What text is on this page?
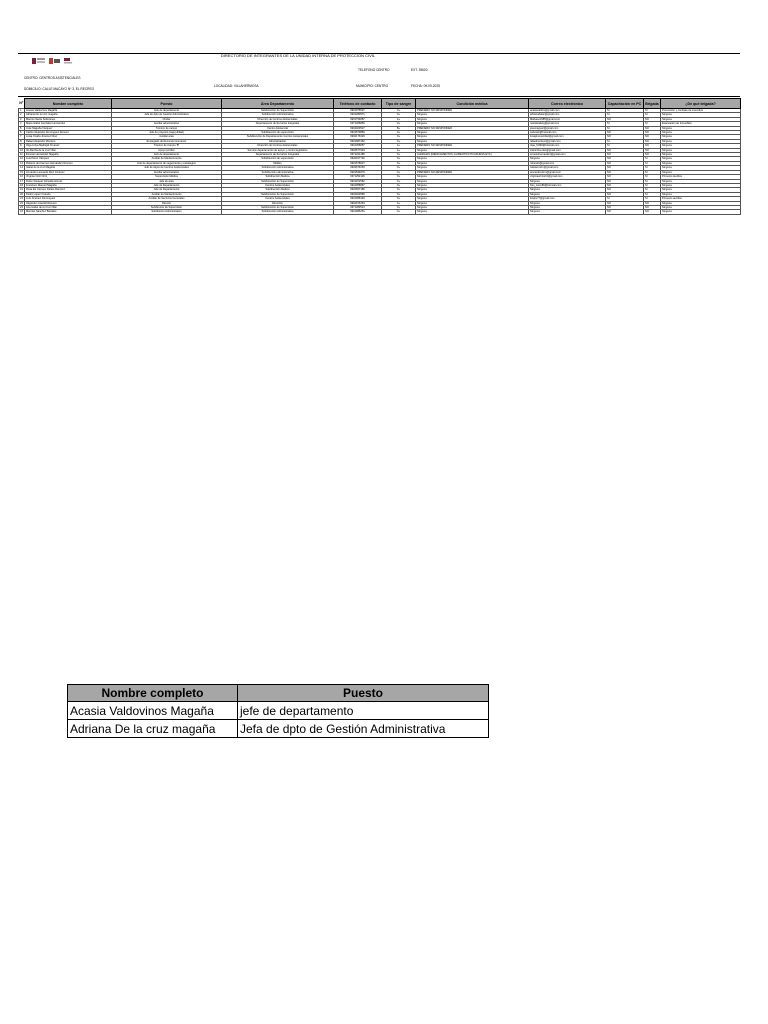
DIRECTORIO DE INTEGRANTES DE LA UNIDAD INTERNA DE PROTECCION CIVIL
TELEFONO CENTRO	EXT. 39600
CENTRO: CENTROS ASISTENCIALES
LOCALIDAD: VILLAHERMOSA	MUNICIPIO: CENTRO	FECHA: 09-09-2025
DOMICILIO: CALLE MACAYO Nº 3, EL RECREO
Nº	Nombre completo	Puesto	Área Departamento	Teléfono de contacto	Tipo de sangre	Condición médica	Correo electrónico	Capacitación en PC	Brigada	¿De qué brigada?
1	Acasia Valdovinos Magaña	Jefe de departamento	Subdirección de Supervisión	9931976527	O+	PREFIERO NO RESPONDER	acasiavaldov@gmail.com	SI	SI	Prevención y combate de incendios
2	Adriana De la cruz magaña	Jefa de dpto de Gestión Administrativa	Subdirección Administrativa	9931283571	O+	Ninguna	adrianadelac@gmail.com	SI	SI	Ninguna
3	Marcos Ibarra Soberanes	Chofer	Dirección de Centros Asistenciales	9931754887	A+	Ninguna	Maibaso1985@gmail.com	NO	NO	Ninguna
4	Maria Isabel Gonzalez Hernandez	Auxiliar administrativo	Departamento de Servicios Integrales	9371366850	O+	Ninguna	mariaisabelg@gmail.com	SI	SI	Evacuación de Inmuebles
5	José Magaña Vázquez	Técnico de campo	Centro Asistencial	9932463527	B+	PREFIERO NO RESPONDER	josemagvaz@gmail.com	SI	NO	Ninguna
6	Carlos Alejandro Domínguez Romero	Jefe de proyecto (caja jubilad)	Subdirección de supervisión	9931579883	O+	Ninguna	carlosdo@hotmail.com	NO	NO	Ninguna
7	Luisa Ocaña Jiménez Díaz	Auxiliar area	Subdirección de Departamento Centros Asistenciales	9932176329	O+	Ninguna	luisajimenezdiaz@gmail.com	NO	NO	Ninguna
8	Rafael Alejandro Montero	Encargado de Recursos Humanos	Administración	9931987452	O+	Ninguna	rafaelmontero@gmail.com	SI	NO	Ninguna
9	Olga Lidya Madrigal Jiménez	Técnico de Campo 'B'	Dirección de Centros Asistenciales	9931356857	A+	PREFIERO NO RESPONDER	olga_MJ99@hotmail.com	SI	NO	Ninguna
10	Iris Bertha de la cruz Olán	Apoyo jurídico	Servicio departamento de apoyo y control legislativo	9932577994	A+	Ninguna	irisbertha.olan@gmail.com	NO	NO	Ninguna
11	Ernesto Hernández Magaña	Jefe de departamento	Departamento de Servicios Integrales	9371221486	O+	ALERGIAS (MEDICAMENTOS: ALIMENTOS PICADURAS ETC.)	ernestohernandez@gmail.com	NO	NO	Ninguna
12	Luis Pérez Vázquez	Auxiliar de Mantenimiento	Subdirección de supervisión	9932917792	O+	Ninguna	Ninguna	NO	SI	Ninguna
13	Roberto del Carmen Hernández Romero	Jefe de departamento de seguimiento y estrategico	Médico	9931578627	O+	Ninguna	robertoh@gmail.com	NO	SI	Ninguna
14	Isabel de la cruz Magaña	Jefe de depto de Centros Asistenciales	Subdirección Administrativa	9932674063	O+	Ninguna	isdelacruzm@gmail.com	NO	SI	Ninguna
15	Armando Leonardo Ruiz Jiménez	Auxiliar administrativo	Subdirección administrativa	9931534879	O+	PREFIERO NO RESPONDER	leonardoruizm@gmail.com	NO	SI	Ninguna
16	Virginia Ortiz Ortiz	Supervisión Médica	Subdirección Médica	9371252136	O+	Ninguna	virginiaortizortiz@gmail.com	NO	SI	Primeros Auxilios
17	Dulce Vásquez Almeida Gómez	Jefe de área	Subdirección de Supervisión	9931972582	O+	Ninguna	Ninguna	NO	SI	Ninguna
18	Francisco Manuel Magaña	Jefe de Departamento	Centros Asistenciales	9931958867	O+	Ninguna	fran_cisco89@hotmail.com	NO	SI	Ninguna
19	Rosa del Carmen Zárate Ramírez	Jefe de Departamento	Subdirección Médica	9932657186	O+	Ninguna	Ninguna	NO	SI	Ninguna
20	Pedro Lopez Ovando	Auxiliar de Mantenimiento	Subdirección de Supervisión	9932463589	O+	Ninguna	Ninguna	NO	SI	Ninguna
21	Luis Jiménez Domínguez	Auxiliar de Servicios Generales	Centros Asistenciales	9931995449	O+	Ninguna	luisjim77@gmail.com	SI	SI	Primeros auxilios
22	Alejandro Gracidó Romero	Director	Dirección	9932976454	A+	Ninguna	Ninguna	NO	NO	Ninguna
23	Ana Isabel de la Cruz Olán	Subdirector de Supervisión	Subdirección de Supervisión	9371282513	O+	Ninguna	Ninguna	NO	NO	Ninguna
24	Marcelo Sánchez Barrales	Subdirector Administrativo	Subdirección Administrativa	9931986251	O+	Ninguna	Ninguna	NO	NO	Ninguna
Nombre completo	Puesto
Acasia Valdovinos Magaña	jefe de departamento
Adriana De la cruz magaña	Jefa de dpto de Gestión Administrativa
